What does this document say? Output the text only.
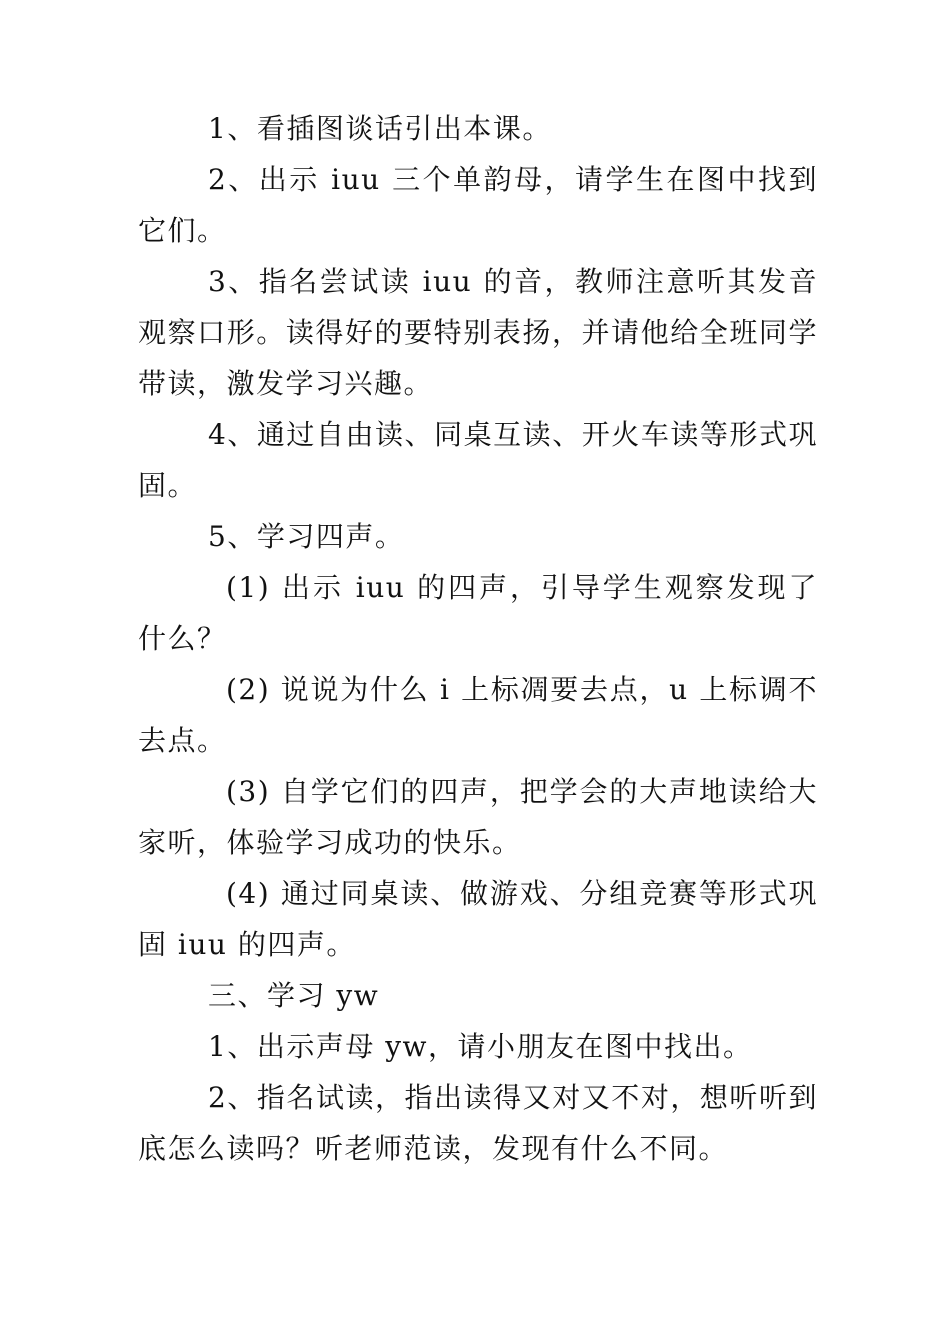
1、看插图谈话引出本课。

2、出示 iuu 三个单韵母，请学生在图中找到它们。

3、指名尝试读 iuu 的音，教师注意听其发音观察口形。读得好的要特别表扬，并请他给全班同学带读，激发学习兴趣。

4、通过自由读、同桌互读、开火车读等形式巩固。

5、学习四声。

(1) 出示 iuu 的四声，引导学生观察发现了什么？

(2) 说说为什么 i 上标凋要去点，u 上标调不去点。

(3) 自学它们的四声，把学会的大声地读给大家听，体验学习成功的快乐。

(4) 通过同桌读、做游戏、分组竞赛等形式巩固 iuu 的四声。

三、学习 yw

1、出示声母 yw，请小朋友在图中找出。

2、指名试读，指出读得又对又不对，想听听到底怎么读吗？听老师范读，发现有什么不同。
